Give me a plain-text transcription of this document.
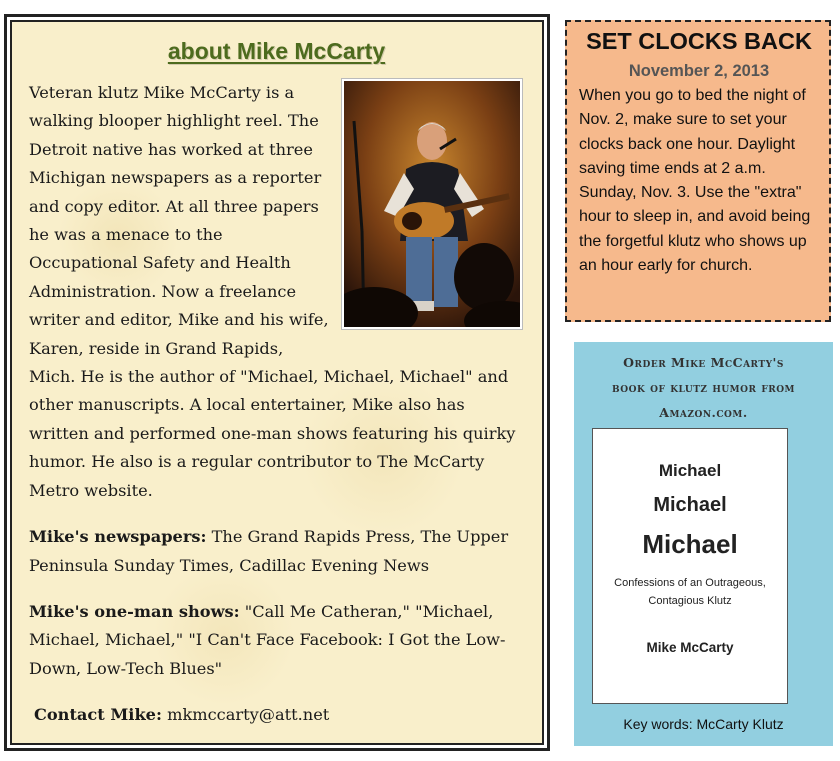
about Mike McCarty

Veteran klutz Mike McCarty is a walking blooper highlight reel. The Detroit native has worked at three Michigan newspapers as a reporter and copy editor. At all three papers he was a menace to the Occupational Safety and Health Administration. Now a freelance writer and editor, Mike and his wife, Karen, reside in Grand Rapids, Mich. He is the author of "Michael, Michael, Michael" and other manuscripts. A local entertainer, Mike also has written and performed one-man shows featuring his quirky humor. He also is a regular contributor to The McCarty Metro website.

Mike's newspapers: The Grand Rapids Press, The Upper Peninsula Sunday Times, Cadillac Evening News

Mike's one-man shows: "Call Me Catheran," "Michael, Michael, Michael," "I Can't Face Facebook: I Got the Low-Down, Low-Tech Blues"

Contact Mike: mkmccarty@att.net

SET CLOCKS BACK
November 2, 2013
When you go to bed the night of Nov. 2, make sure to set your clocks back one hour. Daylight saving time ends at 2 a.m. Sunday, Nov. 3. Use the "extra" hour to sleep in, and avoid being the forgetful klutz who shows up an hour early for church.
Order Mike McCarty's
book of klutz humor from
Amazon.com.
Michael
Michael
Michael
Confessions of an Outrageous, Contagious Klutz
Mike McCarty
Key words: McCarty Klutz
